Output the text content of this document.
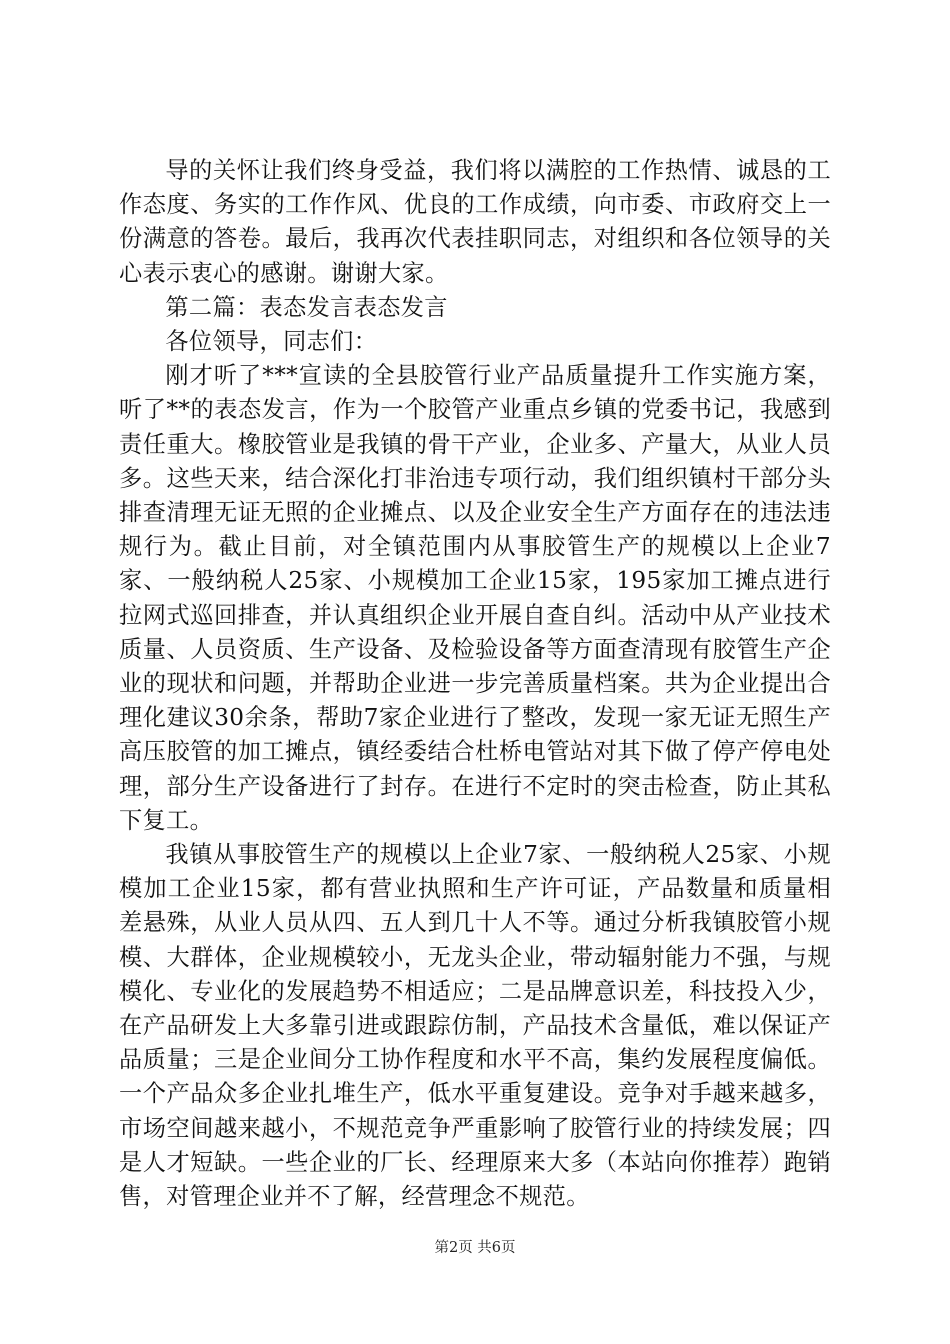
导的关怀让我们终身受益，我们将以满腔的工作热情、诚恳的工作态度、务实的工作作风、优良的工作成绩，向市委、市政府交上一份满意的答卷。最后，我再次代表挂职同志，对组织和各位领导的关心表示衷心的感谢。谢谢大家。

第二篇：表态发言表态发言

各位领导，同志们：

刚才听了***宣读的全县胶管行业产品质量提升工作实施方案，听了**的表态发言，作为一个胶管产业重点乡镇的党委书记，我感到责任重大。橡胶管业是我镇的骨干产业，企业多、产量大，从业人员多。这些天来，结合深化打非治违专项行动，我们组织镇村干部分头排查清理无证无照的企业摊点、以及企业安全生产方面存在的违法违规行为。截止目前，对全镇范围内从事胶管生产的规模以上企业7家、一般纳税人25家、小规模加工企业15家，195家加工摊点进行拉网式巡回排查，并认真组织企业开展自查自纠。活动中从产业技术质量、人员资质、生产设备、及检验设备等方面查清现有胶管生产企业的现状和问题，并帮助企业进一步完善质量档案。共为企业提出合理化建议30余条，帮助7家企业进行了整改，发现一家无证无照生产高压胶管的加工摊点，镇经委结合杜桥电管站对其下做了停产停电处理，部分生产设备进行了封存。在进行不定时的突击检查，防止其私下复工。

我镇从事胶管生产的规模以上企业7家、一般纳税人25家、小规模加工企业15家，都有营业执照和生产许可证，产品数量和质量相差悬殊，从业人员从四、五人到几十人不等。通过分析我镇胶管小规模、大群体，企业规模较小，无龙头企业，带动辐射能力不强，与规模化、专业化的发展趋势不相适应；二是品牌意识差，科技投入少，在产品研发上大多靠引进或跟踪仿制，产品技术含量低，难以保证产品质量；三是企业间分工协作程度和水平不高，集约发展程度偏低。一个产品众多企业扎堆生产，低水平重复建设。竞争对手越来越多，市场空间越来越小，不规范竞争严重影响了胶管行业的持续发展；四是人才短缺。一些企业的厂长、经理原来大多（本站向你推荐）跑销售，对管理企业并不了解，经营理念不规范。

第2页 共6页
